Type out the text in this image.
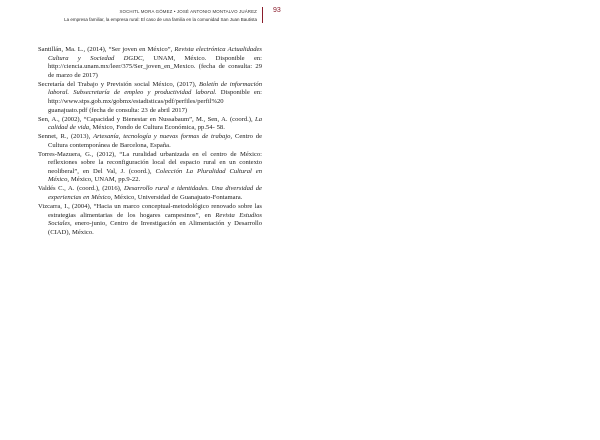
XOCHITL MORA GÓMEZ • JOSÉ ANTONIO MONTALVO JUÁREZ
La empresa familiar, la empresa rural: El caso de una familia en la comunidad San Juan Bautista
93
Santillán, Ma. L., (2014), “Ser joven en México”, Revista electrónica Actualidades Cultura y Sociedad DGDC, UNAM, México. Disponible en: http://ciencia.unam.mx/leer/375/Ser_joven_en_Mexico. (fecha de consulta: 29 de marzo de 2017)
Secretaría del Trabajo y Previsión social México, (2017), Boletín de información laboral. Subsecretaría de empleo y productividad laboral. Disponible en: http://www.stps.gob.mx/gobmx/estadisticas/pdf/perfiles/perfil%20 guanajuato.pdf (fecha de consulta: 23 de abril 2017)
Sen, A., (2002), “Capacidad y Bienestar en Nussabaum”, M., Sen, A. (coord.), La calidad de vida, México, Fondo de Cultura Económica, pp.54- 58.
Sennet, R., (2013), Artesanía, tecnología y nuevas formas de trabajo, Centro de Cultura contemporánea de Barcelona, España.
Torres-Mazuera, G., (2012), “La ruralidad urbanizada en el centro de México: reflexiones sobre la reconfiguración local del espacio rural en un contexto neoliberal”, en Del Val, J. (coord.), Colección La Pluralidad Cultural en México, México, UNAM, pp.9-22.
Valdés C., A. (coord.), (2016), Desarrollo rural e identidades. Una diversidad de experiencias en México, México, Universidad de Guanajuato-Fontamara.
Vizcarra, I., (2004), “Hacia un marco conceptual-metodológico renovado sobre las estrategias alimentarias de los hogares campesinos”, en Revista Estudios Sociales, enero-junio, Centro de Investigación en Alimentación y Desarrollo (CIAD), México.
